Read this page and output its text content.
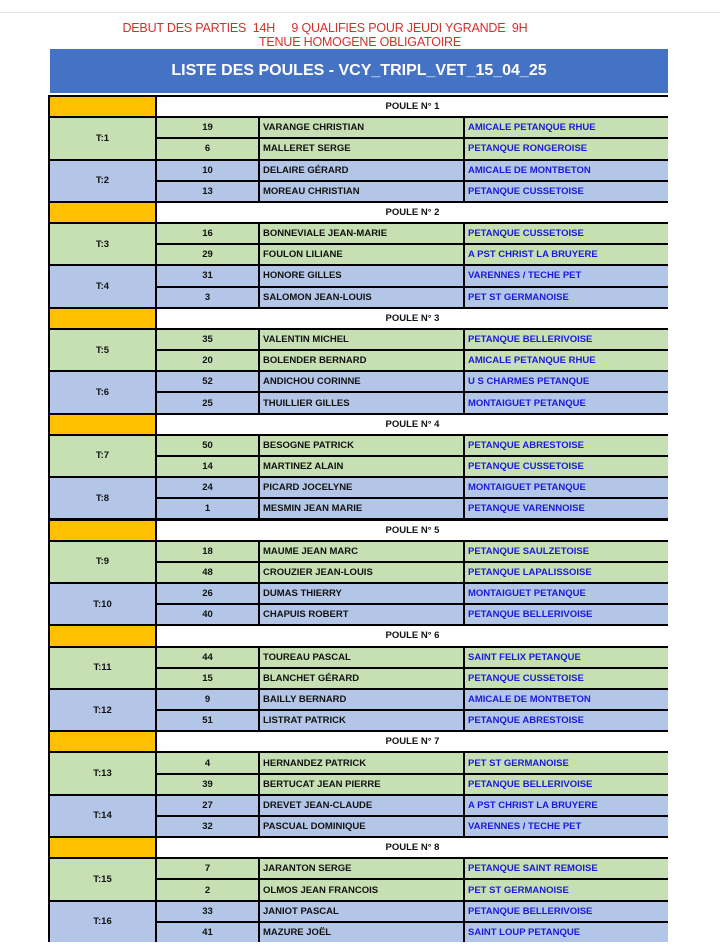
DEBUT DES PARTIES  14H     9 QUALIFIES POUR JEUDI YGRANDE  9H
TENUE HOMOGENE OBLIGATOIRE
LISTE DES POULES - VCY_TRIPL_VET_15_04_25
POULE N° 1
T:1
19	VARANGE CHRISTIAN	AMICALE PETANQUE RHUE
6	MALLERET SERGE	PETANQUE RONGEROISE
T:2
10	DELAIRE GÉRARD	AMICALE DE MONTBETON
13	MOREAU CHRISTIAN	PETANQUE CUSSETOISE
POULE N° 2
T:3
16	BONNEVIALE JEAN-MARIE	PETANQUE CUSSETOISE
29	FOULON LILIANE	A PST CHRIST LA BRUYERE
T:4
31	HONORE GILLES	VARENNES / TECHE PET
3	SALOMON JEAN-LOUIS	PET ST GERMANOISE
POULE N° 3
T:5
35	VALENTIN MICHEL	PETANQUE BELLERIVOISE
20	BOLENDER BERNARD	AMICALE PETANQUE RHUE
T:6
52	ANDICHOU CORINNE	U S CHARMES PETANQUE
25	THUILLIER GILLES	MONTAIGUET PETANQUE
POULE N° 4
T:7
50	BESOGNE PATRICK	PETANQUE ABRESTOISE
14	MARTINEZ ALAIN	PETANQUE CUSSETOISE
T:8
24	PICARD JOCELYNE	MONTAIGUET PETANQUE
1	MESMIN JEAN MARIE	PETANQUE VARENNOISE
POULE N° 5
T:9
18	MAUME JEAN MARC	PETANQUE SAULZETOISE
48	CROUZIER JEAN-LOUIS	PETANQUE LAPALISSOISE
T:10
26	DUMAS THIERRY	MONTAIGUET PETANQUE
40	CHAPUIS ROBERT	PETANQUE BELLERIVOISE
POULE N° 6
T:11
44	TOUREAU PASCAL	SAINT FELIX PETANQUE
15	BLANCHET GÉRARD	PETANQUE CUSSETOISE
T:12
9	BAILLY BERNARD	AMICALE DE MONTBETON
51	LISTRAT PATRICK	PETANQUE ABRESTOISE
POULE N° 7
T:13
4	HERNANDEZ PATRICK	PET ST GERMANOISE
39	BERTUCAT JEAN PIERRE	PETANQUE BELLERIVOISE
T:14
27	DREVET JEAN-CLAUDE	A PST CHRIST LA BRUYERE
32	PASCUAL DOMINIQUE	VARENNES / TECHE PET
POULE N° 8
T:15
7	JARANTON SERGE	PETANQUE SAINT REMOISE
2	OLMOS JEAN FRANCOIS	PET ST GERMANOISE
T:16
33	JANIOT PASCAL	PETANQUE BELLERIVOISE
41	MAZURE JOËL	SAINT LOUP PETANQUE
